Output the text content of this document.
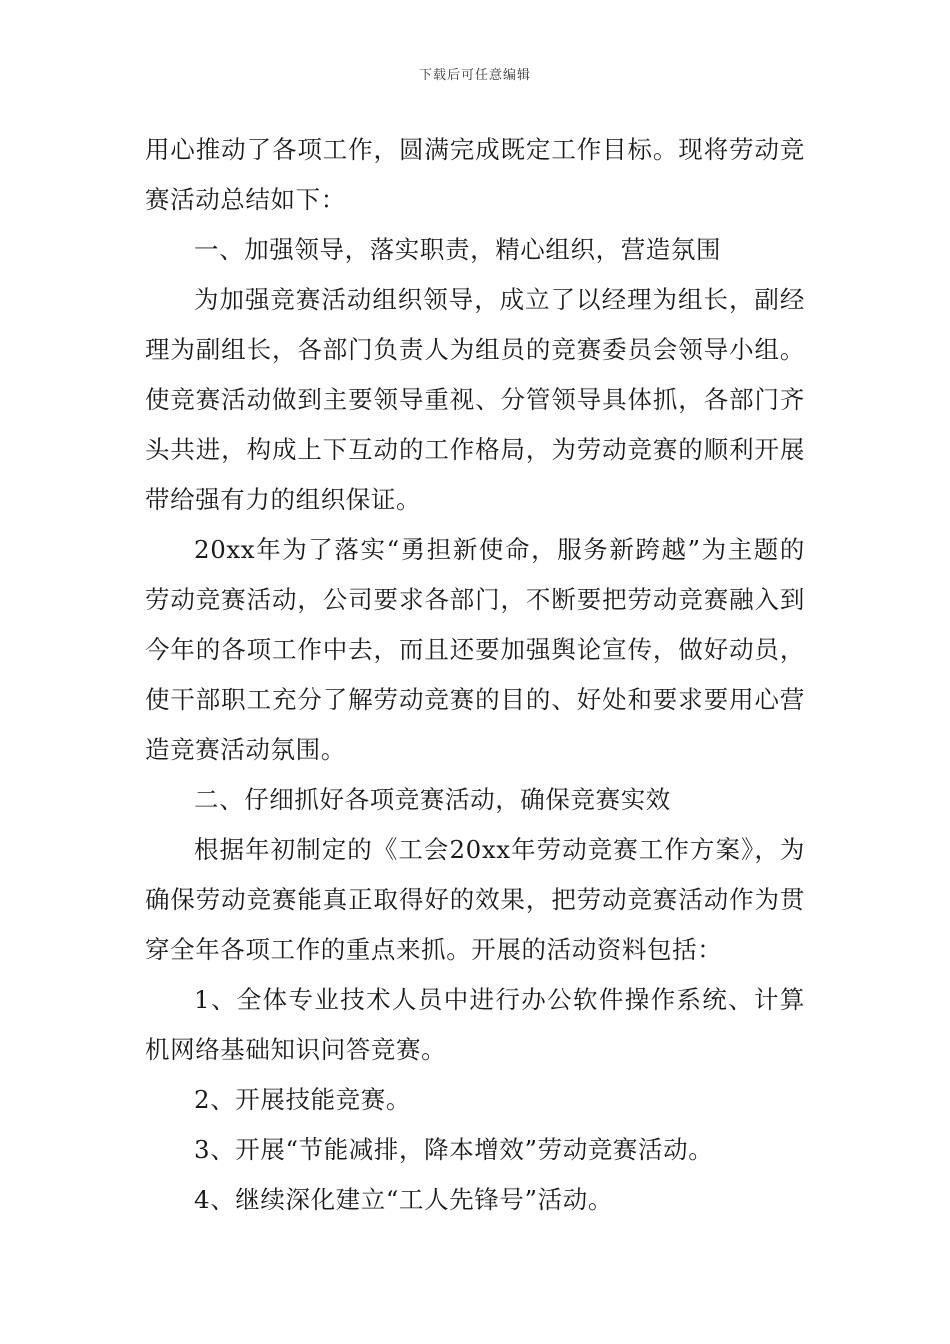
下载后可任意编辑

用心推动了各项工作，圆满完成既定工作目标。现将劳动竞赛活动总结如下：

一、加强领导，落实职责，精心组织，营造氛围

为加强竞赛活动组织领导，成立了以经理为组长，副经理为副组长，各部门负责人为组员的竞赛委员会领导小组。使竞赛活动做到主要领导重视、分管领导具体抓，各部门齐头共进，构成上下互动的工作格局，为劳动竞赛的顺利开展带给强有力的组织保证。

20xx年为了落实“勇担新使命，服务新跨越”为主题的劳动竞赛活动，公司要求各部门，不断要把劳动竞赛融入到今年的各项工作中去，而且还要加强舆论宣传，做好动员，使干部职工充分了解劳动竞赛的目的、好处和要求要用心营造竞赛活动氛围。

二、仔细抓好各项竞赛活动，确保竞赛实效

根据年初制定的《工会20xx年劳动竞赛工作方案》，为确保劳动竞赛能真正取得好的效果，把劳动竞赛活动作为贯穿全年各项工作的重点来抓。开展的活动资料包括：

1、全体专业技术人员中进行办公软件操作系统、计算机网络基础知识问答竞赛。

2、开展技能竞赛。

3、开展“节能减排，降本增效”劳动竞赛活动。

4、继续深化建立“工人先锋号”活动。
